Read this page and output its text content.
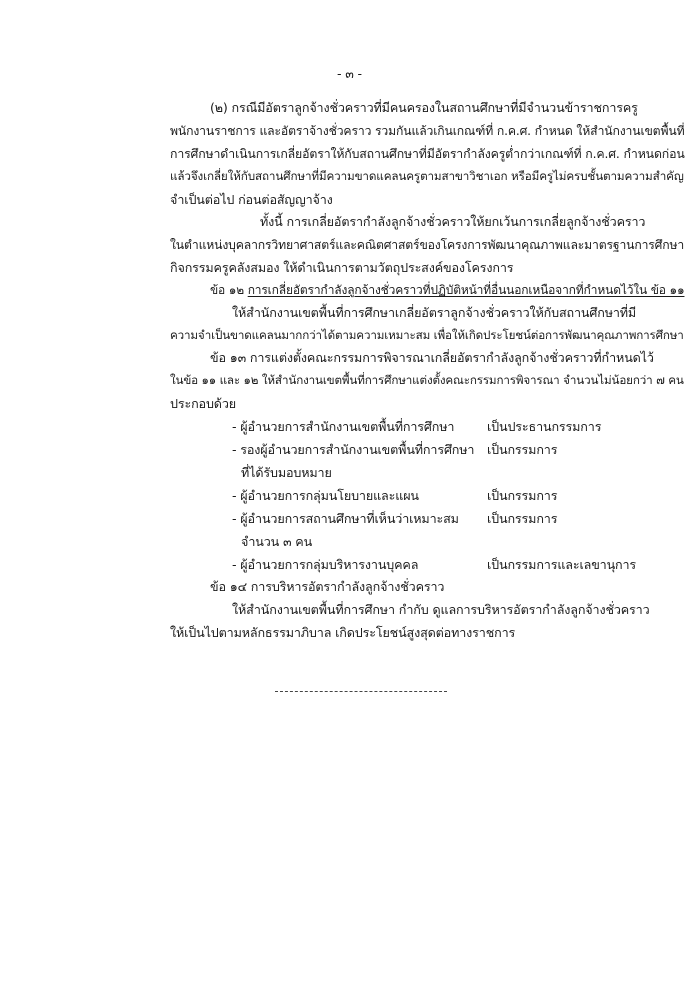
- ๓ -
(๒) กรณีมีอัตราลูกจ้างชั่วคราวที่มีคนครองในสถานศึกษาที่มีจำนวนข้าราชการครู
พนักงานราชการ และอัตราจ้างชั่วคราว รวมกันแล้วเกินเกณฑ์ที่ ก.ค.ศ. กำหนด ให้สำนักงานเขตพื้นที่
การศึกษาดำเนินการเกลี่ยอัตราให้กับสถานศึกษาที่มีอัตรากำลังครูต่ำกว่าเกณฑ์ที่ ก.ค.ศ. กำหนดก่อน
แล้วจึงเกลี่ยให้กับสถานศึกษาที่มีความขาดแคลนครูตามสาขาวิชาเอก หรือมีครูไม่ครบชั้นตามความสำคัญ
จำเป็นต่อไป ก่อนต่อสัญญาจ้าง
ทั้งนี้ การเกลี่ยอัตรากำลังลูกจ้างชั่วคราวให้ยกเว้นการเกลี่ยลูกจ้างชั่วคราว
ในตำแหน่งบุคลากรวิทยาศาสตร์และคณิตศาสตร์ของโครงการพัฒนาคุณภาพและมาตรฐานการศึกษา
กิจกรรมครูคลังสมอง ให้ดำเนินการตามวัตถุประสงค์ของโครงการ
ข้อ ๑๒ การเกลี่ยอัตรากำลังลูกจ้างชั่วคราวที่ปฏิบัติหน้าที่อื่นนอกเหนือจากที่กำหนดไว้ใน ข้อ ๑๑
ให้สำนักงานเขตพื้นที่การศึกษาเกลี่ยอัตราลูกจ้างชั่วคราวให้กับสถานศึกษาที่มี
ความจำเป็นขาดแคลนมากกว่าได้ตามความเหมาะสม เพื่อให้เกิดประโยชน์ต่อการพัฒนาคุณภาพการศึกษา
ข้อ ๑๓ การแต่งตั้งคณะกรรมการพิจารณาเกลี่ยอัตรากำลังลูกจ้างชั่วคราวที่กำหนดไว้
ในข้อ ๑๑ และ ๑๒ ให้สำนักงานเขตพื้นที่การศึกษาแต่งตั้งคณะกรรมการพิจารณา จำนวนไม่น้อยกว่า ๗ คน
ประกอบด้วย
- ผู้อำนวยการสำนักงานเขตพื้นที่การศึกษา	เป็นประธานกรรมการ
- รองผู้อำนวยการสำนักงานเขตพื้นที่การศึกษา เป็นกรรมการ
ที่ได้รับมอบหมาย
- ผู้อำนวยการกลุ่มนโยบายและแผน	เป็นกรรมการ
- ผู้อำนวยการสถานศึกษาที่เห็นว่าเหมาะสม เป็นกรรมการ
จำนวน ๓ คน
- ผู้อำนวยการกลุ่มบริหารงานบุคคล	เป็นกรรมการและเลขานุการ
ข้อ ๑๔ การบริหารอัตรากำลังลูกจ้างชั่วคราว
ให้สำนักงานเขตพื้นที่การศึกษา กำกับ ดูแลการบริหารอัตรากำลังลูกจ้างชั่วคราว
ให้เป็นไปตามหลักธรรมาภิบาล เกิดประโยชน์สูงสุดต่อทางราชการ
